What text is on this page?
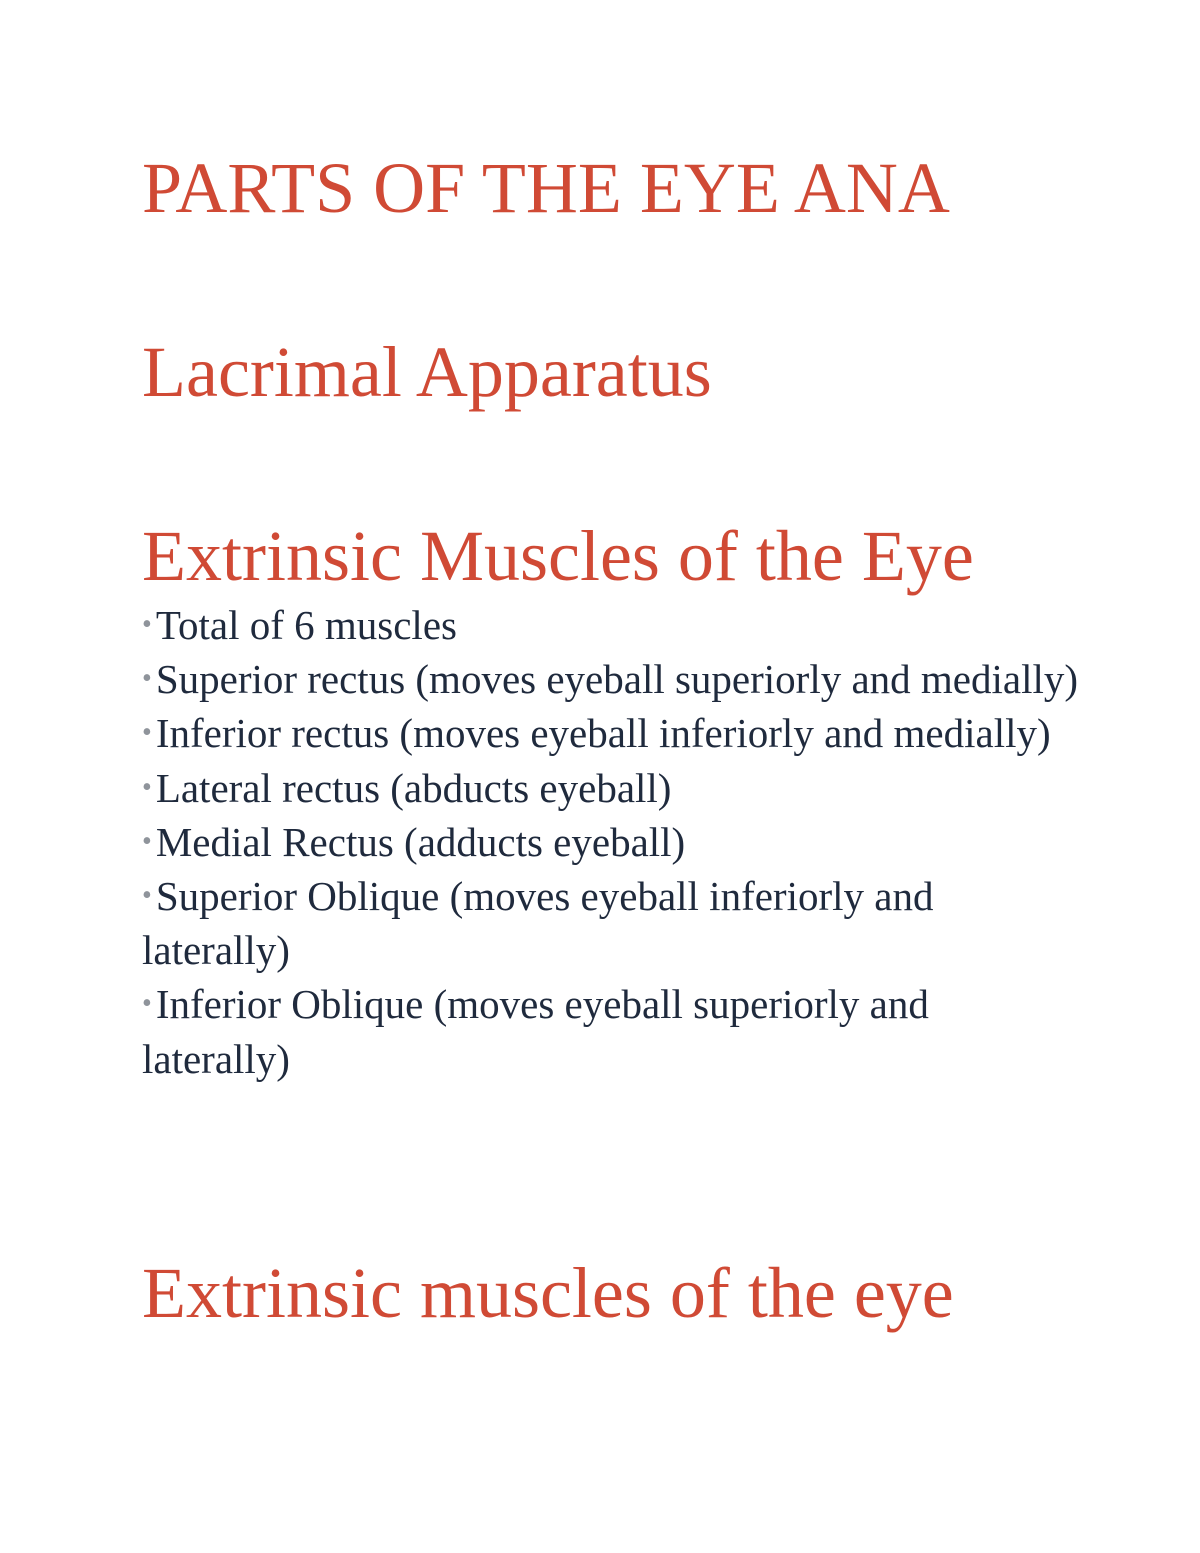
PARTS OF THE EYE ANA
Lacrimal Apparatus
Extrinsic Muscles of the Eye
•Total of 6 muscles
•Superior rectus (moves eyeball superiorly and medially)
•Inferior rectus (moves eyeball inferiorly and medially)
•Lateral rectus (abducts eyeball)
•Medial Rectus (adducts eyeball)
•Superior Oblique (moves eyeball inferiorly and laterally)
•Inferior Oblique (moves eyeball superiorly and laterally)
Extrinsic muscles of the eye
